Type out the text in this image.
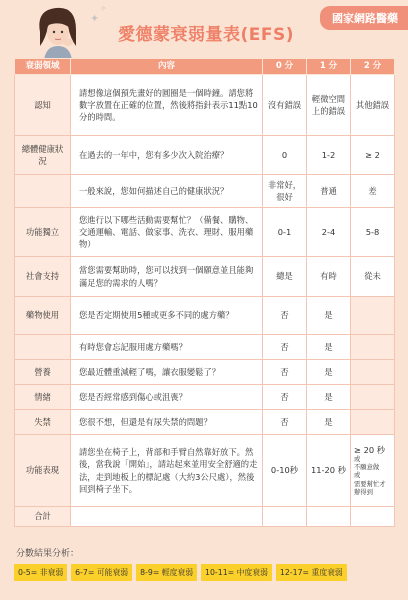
國家網路醫藥
✦
✧
愛德蒙衰弱量表(EFS)
衰弱領域	內容	0 分	1 分	2 分
認知	請想像這個預先畫好的圓圈是一個時鐘。請您將數字放置在正確的位置，然後將指針表示11點10分的時間。	沒有錯誤	輕微空間上的錯誤	其他錯誤
總體健康狀況	在過去的一年中，您有多少次入院治療？	0	1-2	≥ 2
	一般來說，您如何描述自己的健康狀況？	非常好，很好	普通	差
功能獨立	您進行以下哪些活動需要幫忙？（備餐、購物、交通運輸、電話、做家事、洗衣、理財、服用藥物）	0-1	2-4	5-8
社會支持	當您需要幫助時，您可以找到一個願意並且能夠滿足您的需求的人嗎？	總是	有時	從未
藥物使用	您是否定期使用5種或更多不同的處方藥？	否	是	
	有時您會忘記服用處方藥嗎？	否	是	
營養	您最近體重減輕了嗎，讓衣服變鬆了？	否	是	
情緒	您是否經常感到傷心或沮喪？	否	是	
失禁	您很不想，但還是有尿失禁的問題？	否	是	
功能表現	請您坐在椅子上，背部和手臂自然靠好放下。然後，當我說「開始」，請站起來並用安全舒適的走法，走到地板上的標記處（大約3公尺處），然後回到椅子坐下。	0-10秒	11-20 秒	≥ 20 秒
或
不願意做
或
需要幫忙才辦得到

合計				
分數結果分析：
0-5= 非衰弱	6-7= 可能衰弱	8-9= 輕度衰弱	10-11= 中度衰弱	12-17= 重度衰弱
